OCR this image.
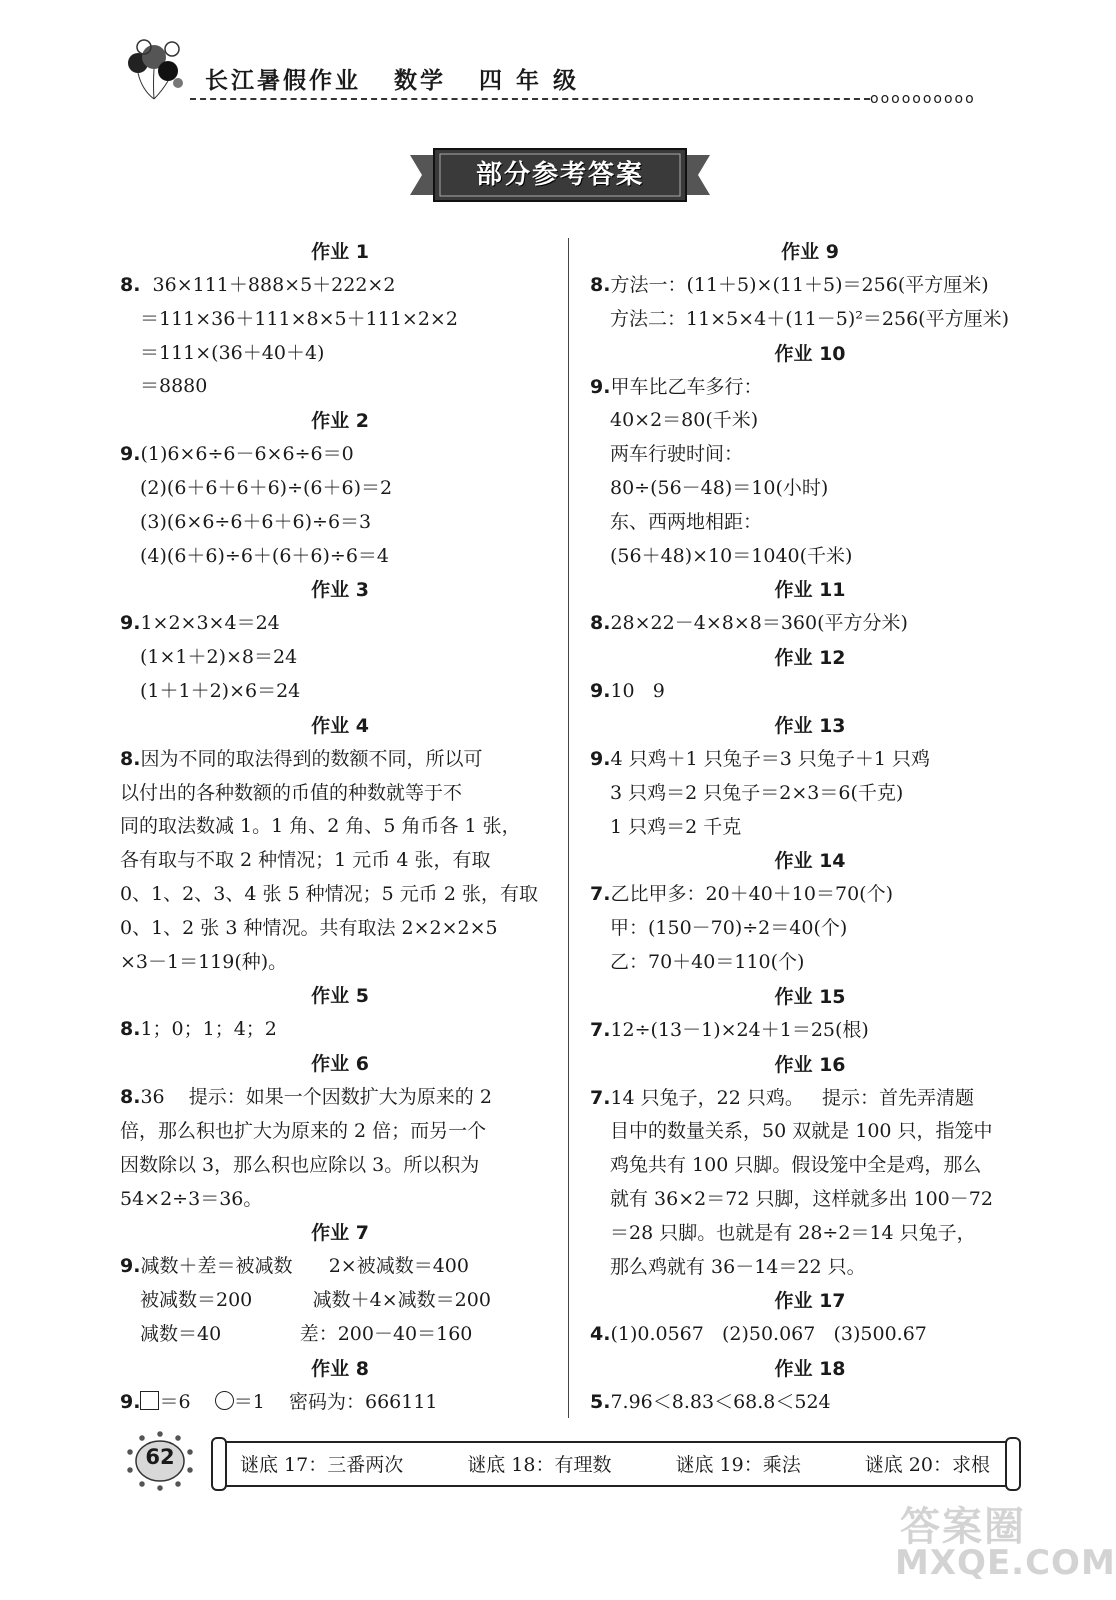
长江暑假作业 数学 四 年 级
oooooooooo
部分参考答案
作业 1
8.  36×111＋888×5＋222×2
＝111×36＋111×8×5＋111×2×2
＝111×(36＋40＋4)
＝8880
作业 2
9.(1)6×6÷6－6×6÷6＝0
(2)(6＋6＋6＋6)÷(6＋6)＝2
(3)(6×6÷6＋6＋6)÷6＝3
(4)(6＋6)÷6＋(6＋6)÷6＝4
作业 3
9.1×2×3×4＝24
(1×1＋2)×8＝24
(1＋1＋2)×6＝24
作业 4
8.因为不同的取法得到的数额不同，所以可
以付出的各种数额的币值的种数就等于不
同的取法数减 1。1 角、2 角、5 角币各 1 张，
各有取与不取 2 种情况；1 元币 4 张，有取
0、1、2、3、4 张 5 种情况；5 元币 2 张，有取
0、1、2 张 3 种情况。共有取法 2×2×2×5
×3－1＝119(种)。
作业 5
8.1；0；1；4；2
作业 6
8.36    提示：如果一个因数扩大为原来的 2
倍，那么积也扩大为原来的 2 倍；而另一个
因数除以 3，那么积也应除以 3。所以积为
54×2÷3＝36。
作业 7
9.减数＋差＝被减数      2×被减数＝400
被减数＝200          减数＋4×减数＝200
减数＝40             差：200－40＝160
作业 8
9. ＝6 ＝1 密码为：666111
作业 9
8.方法一：(11＋5)×(11＋5)＝256(平方厘米)
方法二：11×5×4＋(11－5)²＝256(平方厘米)
作业 10
9.甲车比乙车多行：
40×2＝80(千米)
两车行驶时间：
80÷(56－48)＝10(小时)
东、西两地相距：
(56＋48)×10＝1040(千米)
作业 11
8.28×22－4×8×8＝360(平方分米)
作业 12
9.10   9
作业 13
9.4 只鸡＋1 只兔子＝3 只兔子＋1 只鸡
3 只鸡＝2 只兔子＝2×3＝6(千克)
1 只鸡＝2 千克
作业 14
7.乙比甲多：20＋40＋10＝70(个)
甲：(150－70)÷2＝40(个)
乙：70＋40＝110(个)
作业 15
7.12÷(13－1)×24＋1＝25(根)
作业 16
7.14 只兔子，22 只鸡。   提示：首先弄清题
目中的数量关系，50 双就是 100 只，指笼中
鸡兔共有 100 只脚。假设笼中全是鸡，那么
就有 36×2＝72 只脚，这样就多出 100－72
＝28 只脚。也就是有 28÷2＝14 只兔子，
那么鸡就有 36－14＝22 只。
作业 17
4.(1)0.0567   (2)50.067   (3)500.67
作业 18
5.7.96＜8.83＜68.8＜524
62	谜底 17：三番两次	谜底 18：有理数	谜底 19：乘法	谜底 20：求根
答案圈
MXQE.COM
